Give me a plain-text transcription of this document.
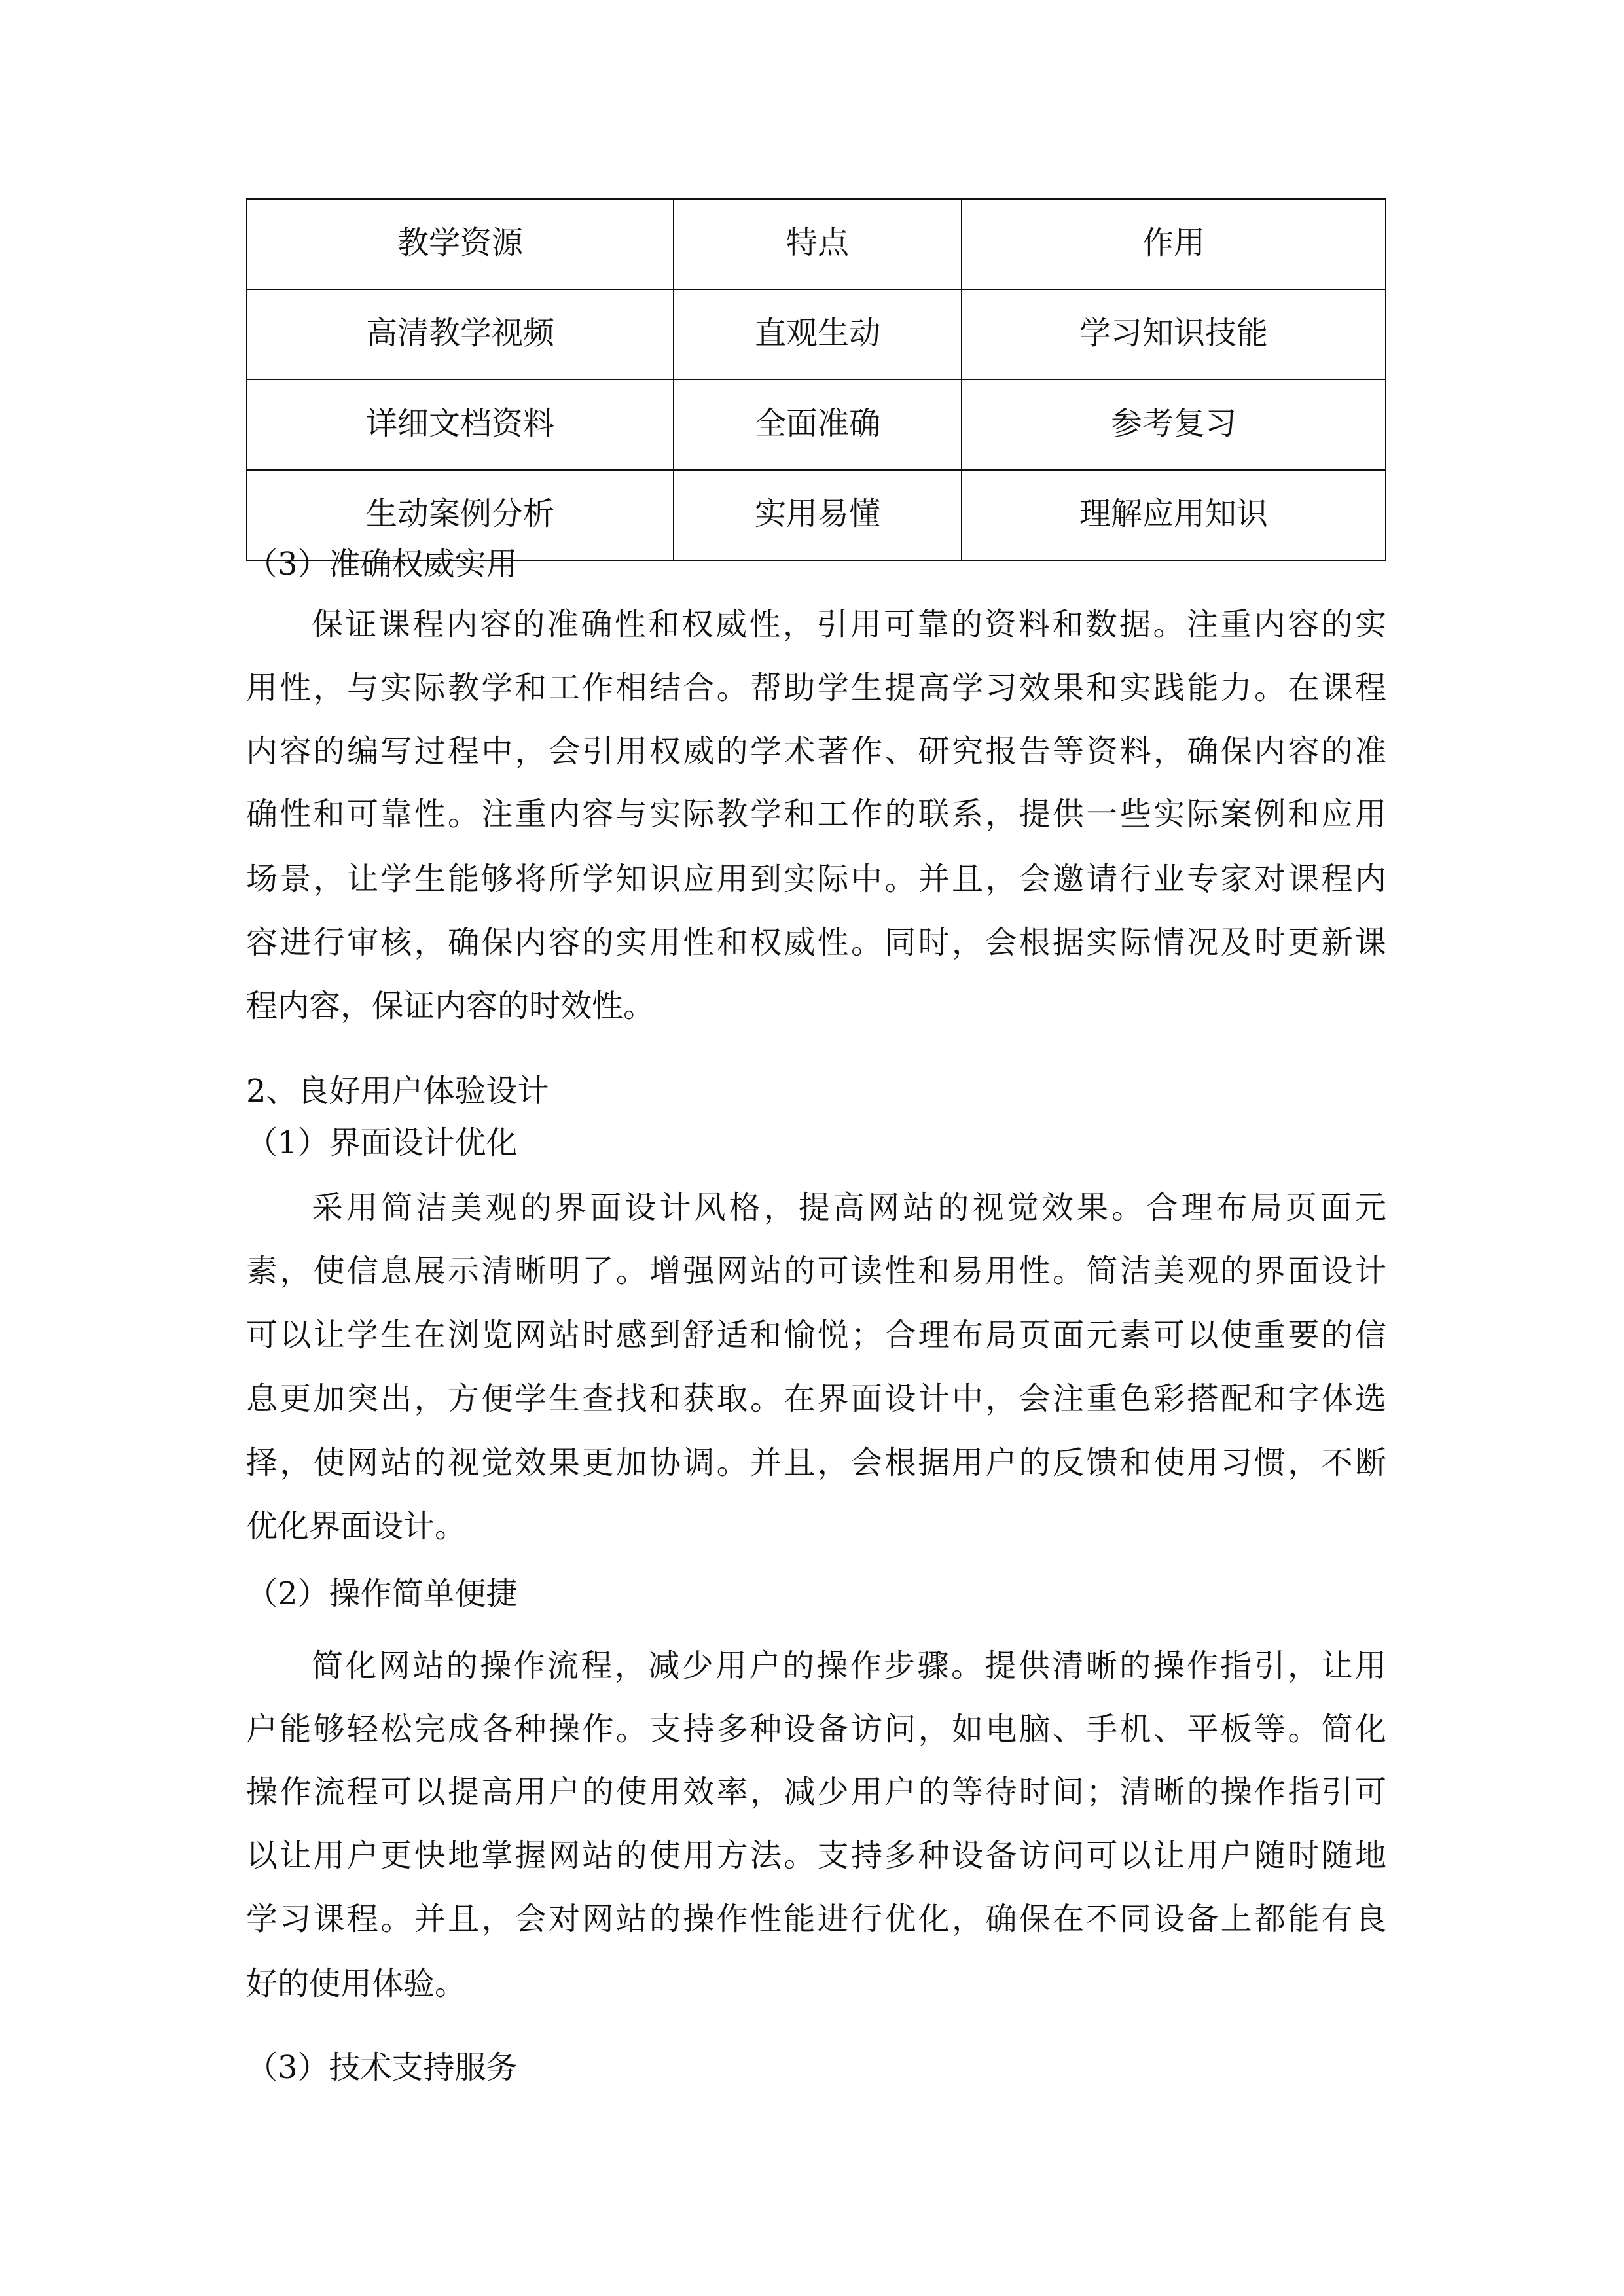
教学资源	特点	作用
高清教学视频	直观生动	学习知识技能
详细文档资料	全面准确	参考复习
生动案例分析	实用易懂	理解应用知识
（3）准确权威实用
保证课程内容的准确性和权威性，引用可靠的资料和数据。注重内容的实
用性，与实际教学和工作相结合。帮助学生提高学习效果和实践能力。在课程
内容的编写过程中，会引用权威的学术著作、研究报告等资料，确保内容的准
确性和可靠性。注重内容与实际教学和工作的联系，提供一些实际案例和应用
场景，让学生能够将所学知识应用到实际中。并且，会邀请行业专家对课程内
容进行审核，确保内容的实用性和权威性。同时，会根据实际情况及时更新课
程内容，保证内容的时效性。
2、良好用户体验设计
（1）界面设计优化
采用简洁美观的界面设计风格，提高网站的视觉效果。合理布局页面元
素，使信息展示清晰明了。增强网站的可读性和易用性。简洁美观的界面设计
可以让学生在浏览网站时感到舒适和愉悦；合理布局页面元素可以使重要的信
息更加突出，方便学生查找和获取。在界面设计中，会注重色彩搭配和字体选
择，使网站的视觉效果更加协调。并且，会根据用户的反馈和使用习惯，不断
优化界面设计。
（2）操作简单便捷
简化网站的操作流程，减少用户的操作步骤。提供清晰的操作指引，让用
户能够轻松完成各种操作。支持多种设备访问，如电脑、手机、平板等。简化
操作流程可以提高用户的使用效率，减少用户的等待时间；清晰的操作指引可
以让用户更快地掌握网站的使用方法。支持多种设备访问可以让用户随时随地
学习课程。并且，会对网站的操作性能进行优化，确保在不同设备上都能有良
好的使用体验。
（3）技术支持服务
